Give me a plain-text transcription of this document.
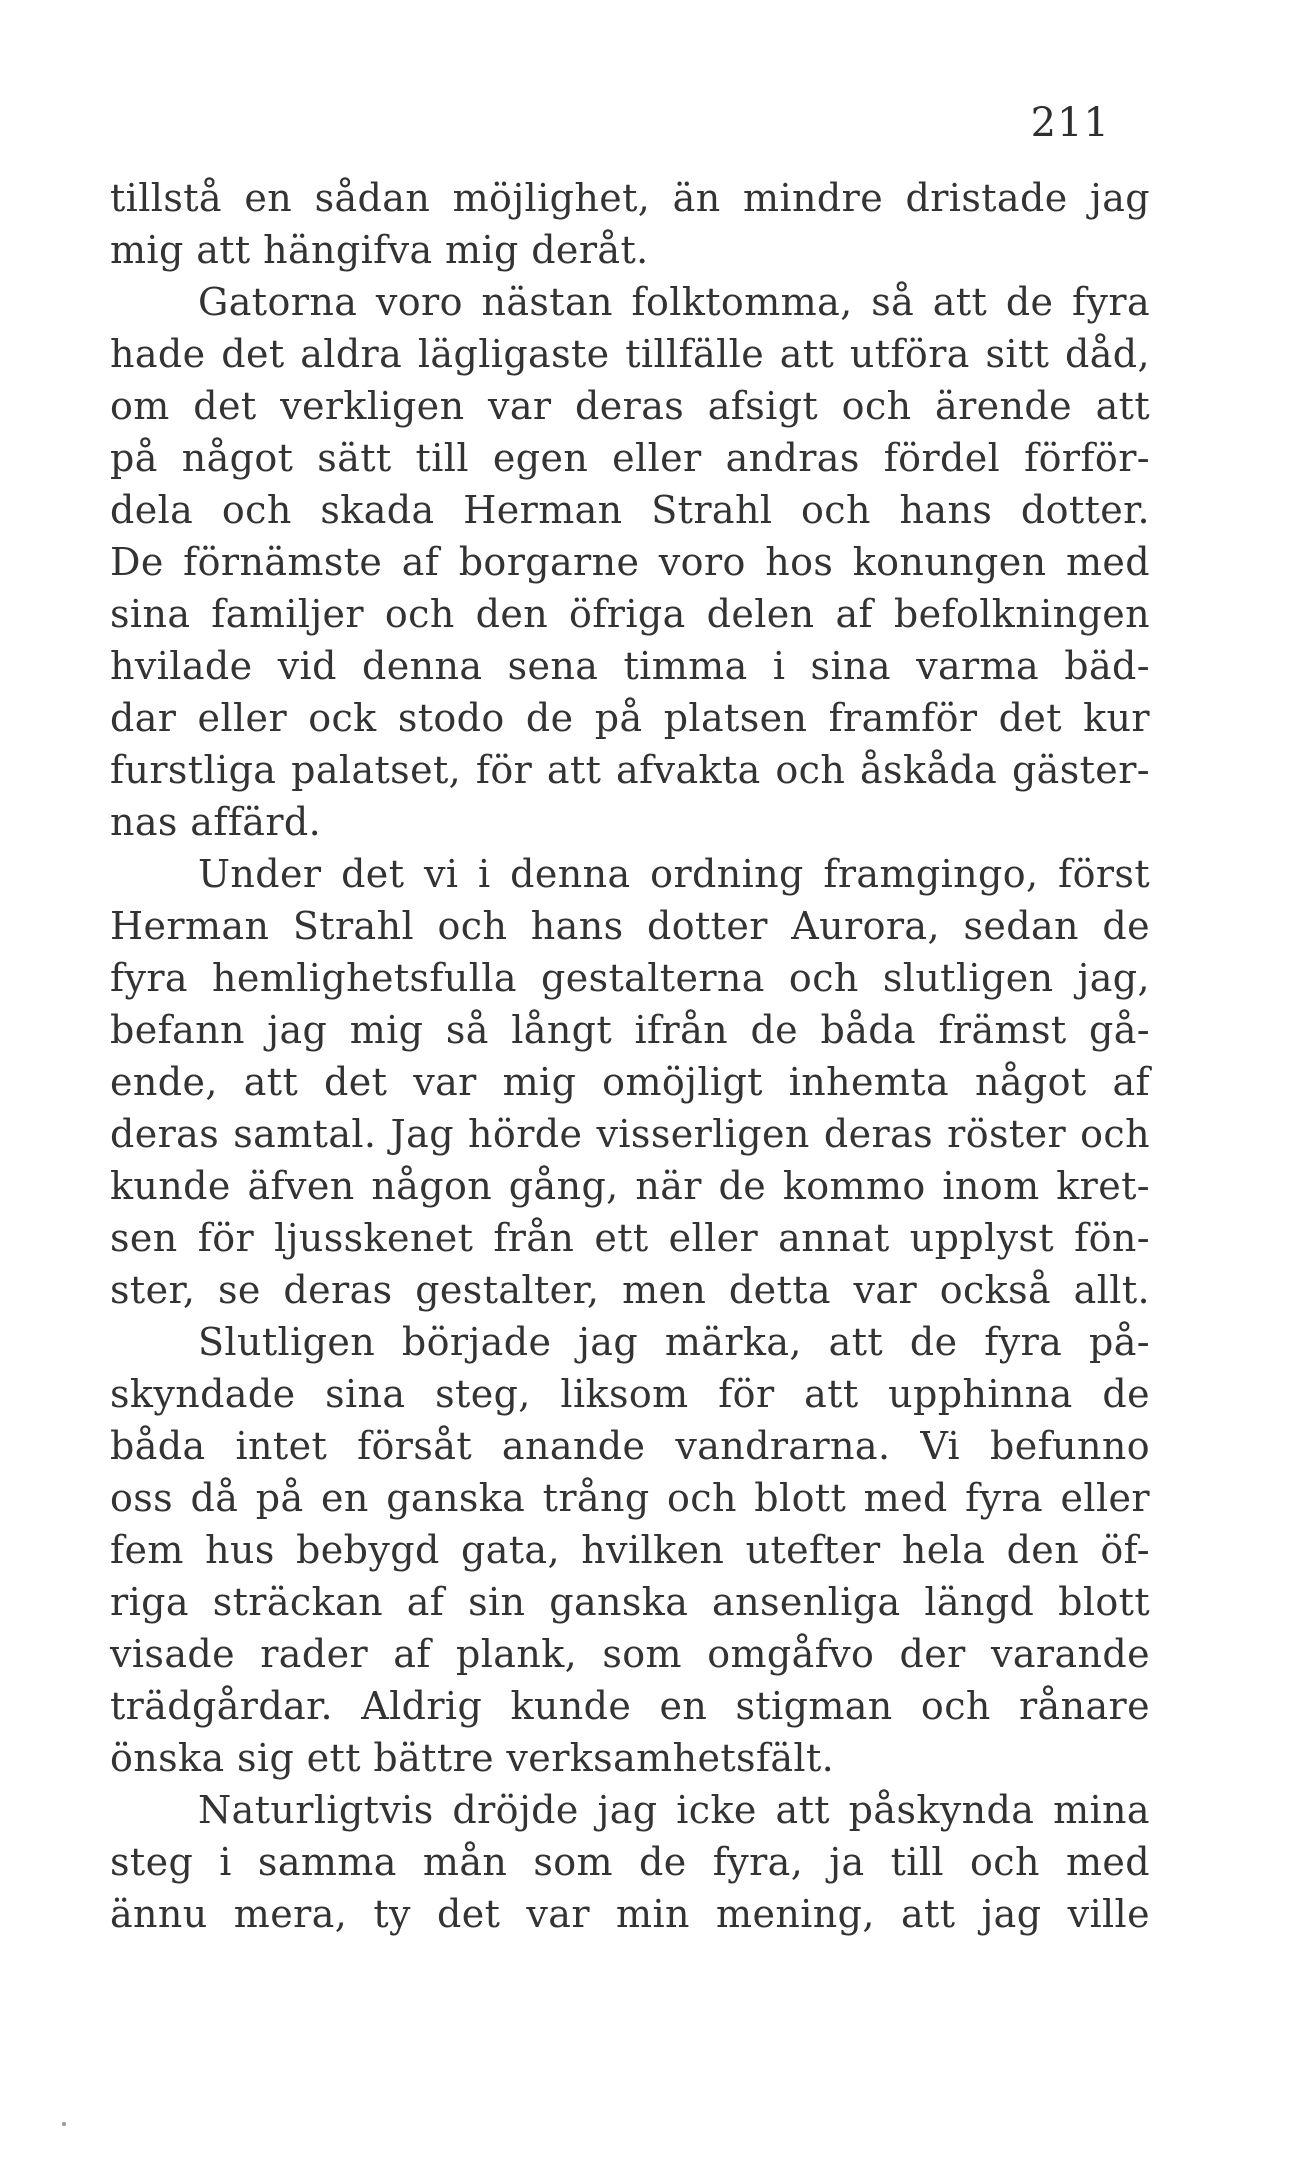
211
tillstå en sådan möjlighet, än mindre dristade jag
mig att hängifva mig deråt.
Gatorna voro nästan folktomma, så att de fyra
hade det aldra lägligaste tillfälle att utföra sitt dåd,
om det verkligen var deras afsigt och ärende att
på något sätt till egen eller andras fördel förför-
dela och skada Herman Strahl och hans dotter.
De förnämste af borgarne voro hos konungen med
sina familjer och den öfriga delen af befolkningen
hvilade vid denna sena timma i sina varma bäd-
dar eller ock stodo de på platsen framför det kur
furstliga palatset, för att afvakta och åskåda gäster-
nas affärd.
Under det vi i denna ordning framgingo, först
Herman Strahl och hans dotter Aurora, sedan de
fyra hemlighetsfulla gestalterna och slutligen jag,
befann jag mig så långt ifrån de båda främst gå-
ende, att det var mig omöjligt inhemta något af
deras samtal. Jag hörde visserligen deras röster och
kunde äfven någon gång, när de kommo inom kret-
sen för ljusskenet från ett eller annat upplyst fön-
ster, se deras gestalter, men detta var också allt.
Slutligen började jag märka, att de fyra på-
skyndade sina steg, liksom för att upphinna de
båda intet försåt anande vandrarna. Vi befunno
oss då på en ganska trång och blott med fyra eller
fem hus bebygd gata, hvilken utefter hela den öf-
riga sträckan af sin ganska ansenliga längd blott
visade rader af plank, som omgåfvo der varande
trädgårdar. Aldrig kunde en stigman och rånare
önska sig ett bättre verksamhetsfält.
Naturligtvis dröjde jag icke att påskynda mina
steg i samma mån som de fyra, ja till och med
ännu mera, ty det var min mening, att jag ville
